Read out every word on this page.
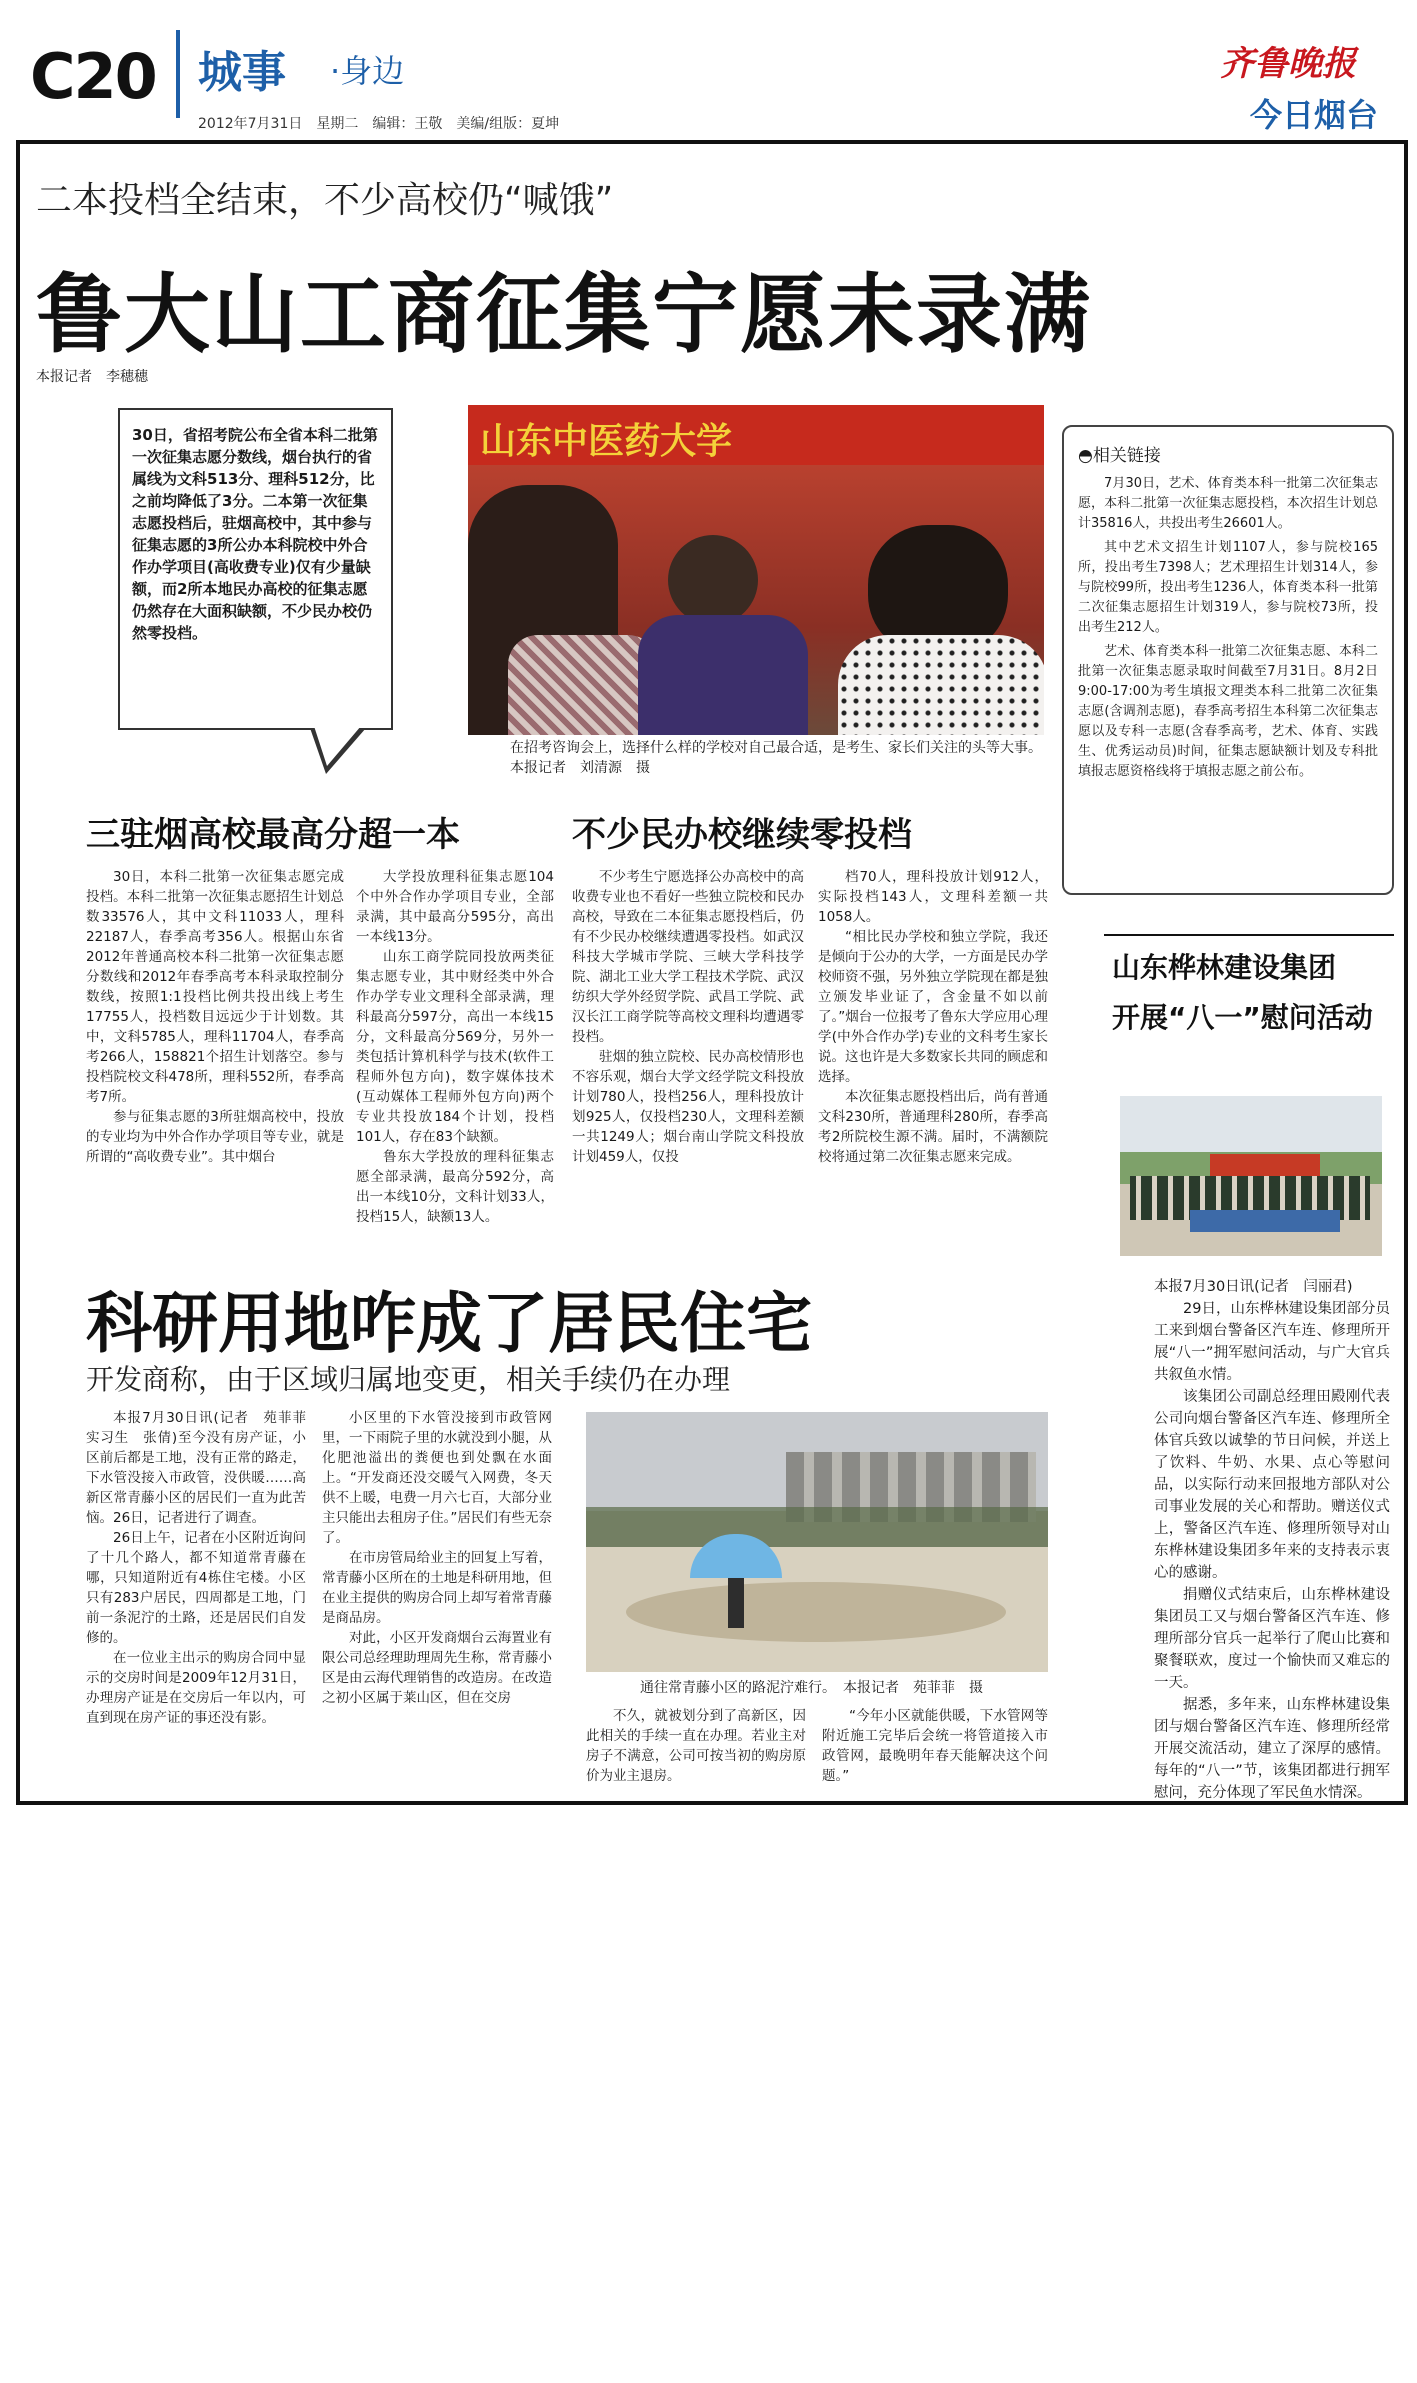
C20 城事 ·身边
2012年7月31日　星期二　编辑：王敬　美编/组版：夏坤
齐鲁晚报
今日烟台
二本投档全结束，不少高校仍“喊饿”
鲁大山工商征集宁愿未录满
本报记者　李穗穗
山东中医药大学
在招考咨询会上，选择什么样的学校对自己最合适，是考生、家长们关注的头等大事。　本报记者　刘清源　摄
30日，省招考院公布全省本科二批第一次征集志愿分数线，烟台执行的省属线为文科513分、理科512分，比之前均降低了3分。二本第一次征集志愿投档后，驻烟高校中，其中参与征集志愿的3所公办本科院校中外合作办学项目(高收费专业)仅有少量缺额，而2所本地民办高校的征集志愿仍然存在大面积缺额，不少民办校仍然零投档。
◓相关链接

7月30日，艺术、体育类本科一批第二次征集志愿，本科二批第一次征集志愿投档，本次招生计划总计35816人，共投出考生26601人。

其中艺术文招生计划1107人，参与院校165所，投出考生7398人；艺术理招生计划314人，参与院校99所，投出考生1236人，体育类本科一批第二次征集志愿招生计划319人，参与院校73所，投出考生212人。

艺术、体育类本科一批第二次征集志愿、本科二批第一次征集志愿录取时间截至7月31日。8月2日9:00-17:00为考生填报文理类本科二批第二次征集志愿(含调剂志愿)，春季高考招生本科第二次征集志愿以及专科一志愿(含春季高考，艺术、体育、实践生、优秀运动员)时间，征集志愿缺额计划及专科批填报志愿资格线将于填报志愿之前公布。

三驻烟高校最高分超一本

30日，本科二批第一次征集志愿完成投档。本科二批第一次征集志愿招生计划总数33576人，其中文科11033人，理科22187人，春季高考356人。根据山东省2012年普通高校本科二批第一次征集志愿分数线和2012年春季高考本科录取控制分数线，按照1:1投档比例共投出线上考生17755人，投档数目远远少于计划数。其中，文科5785人，理科11704人，春季高考266人，158821个招生计划落空。参与投档院校文科478所，理科552所，春季高考7所。

参与征集志愿的3所驻烟高校中，投放的专业均为中外合作办学项目等专业，就是所谓的“高收费专业”。其中烟台

大学投放理科征集志愿104个中外合作办学项目专业，全部录满，其中最高分595分，高出一本线13分。

山东工商学院同投放两类征集志愿专业，其中财经类中外合作办学专业文理科全部录满，理科最高分597分，高出一本线15分，文科最高分569分，另外一类包括计算机科学与技术(软件工程师外包方向)，数字媒体技术(互动媒体工程师外包方向)两个专业共投放184个计划，投档101人，存在83个缺额。

鲁东大学投放的理科征集志愿全部录满，最高分592分，高出一本线10分，文科计划33人，投档15人，缺额13人。

不少民办校继续零投档

不少考生宁愿选择公办高校中的高收费专业也不看好一些独立院校和民办高校，导致在二本征集志愿投档后，仍有不少民办校继续遭遇零投档。如武汉科技大学城市学院、三峡大学科技学院、湖北工业大学工程技术学院、武汉纺织大学外经贸学院、武昌工学院、武汉长江工商学院等高校文理科均遭遇零投档。

驻烟的独立院校、民办高校情形也不容乐观，烟台大学文经学院文科投放计划780人，投档256人，理科投放计划925人，仅投档230人，文理科差额一共1249人；烟台南山学院文科投放计划459人，仅投

档70人，理科投放计划912人，实际投档143人，文理科差额一共1058人。

“相比民办学校和独立学院，我还是倾向于公办的大学，一方面是民办学校师资不强，另外独立学院现在都是独立颁发毕业证了，含金量不如以前了。”烟台一位报考了鲁东大学应用心理学(中外合作办学)专业的文科考生家长说。这也许是大多数家长共同的顾虑和选择。

本次征集志愿投档出后，尚有普通文科230所，普通理科280所，春季高考2所院校生源不满。届时，不满额院校将通过第二次征集志愿来完成。

山东桦林建设集团
开展“八一”慰问活动
本报7月30日讯(记者　闫丽君)

29日，山东桦林建设集团部分员工来到烟台警备区汽车连、修理所开展“八一”拥军慰问活动，与广大官兵共叙鱼水情。

该集团公司副总经理田殿刚代表公司向烟台警备区汽车连、修理所全体官兵致以诚挚的节日问候，并送上了饮料、牛奶、水果、点心等慰问品，以实际行动来回报地方部队对公司事业发展的关心和帮助。赠送仪式上，警备区汽车连、修理所领导对山东桦林建设集团多年来的支持表示衷心的感谢。

捐赠仪式结束后，山东桦林建设集团员工又与烟台警备区汽车连、修理所部分官兵一起举行了爬山比赛和聚餐联欢，度过一个愉快而又难忘的一天。

据悉，多年来，山东桦林建设集团与烟台警备区汽车连、修理所经常开展交流活动，建立了深厚的感情。每年的“八一”节，该集团都进行拥军慰问，充分体现了军民鱼水情深。

科研用地咋成了居民住宅
开发商称，由于区域归属地变更，相关手续仍在办理

本报7月30日讯(记者　苑菲菲　实习生　张倩)至今没有房产证，小区前后都是工地，没有正常的路走，下水管没接入市政管，没供暖……高新区常青藤小区的居民们一直为此苦恼。26日，记者进行了调查。

26日上午，记者在小区附近询问了十几个路人，都不知道常青藤在哪，只知道附近有4栋住宅楼。小区只有283户居民，四周都是工地，门前一条泥泞的土路，还是居民们自发修的。

在一位业主出示的购房合同中显示的交房时间是2009年12月31日，办理房产证是在交房后一年以内，可直到现在房产证的事还没有影。

小区里的下水管没接到市政管网里，一下雨院子里的水就没到小腿，从化肥池溢出的粪便也到处飘在水面上。“开发商还没交暖气入网费，冬天供不上暖，电费一月六七百，大部分业主只能出去租房子住。”居民们有些无奈了。

在市房管局给业主的回复上写着，常青藤小区所在的土地是科研用地，但在业主提供的购房合同上却写着常青藤是商品房。

对此，小区开发商烟台云海置业有限公司总经理助理周先生称，常青藤小区是由云海代理销售的改造房。在改造之初小区属于莱山区，但在交房

通往常青藤小区的路泥泞难行。　本报记者　苑菲菲　摄

不久，就被划分到了高新区，因此相关的手续一直在办理。若业主对房子不满意，公司可按当初的购房原价为业主退房。

“今年小区就能供暖，下水管网等附近施工完毕后会统一将管道接入市政管网，最晚明年春天能解决这个问题。”
